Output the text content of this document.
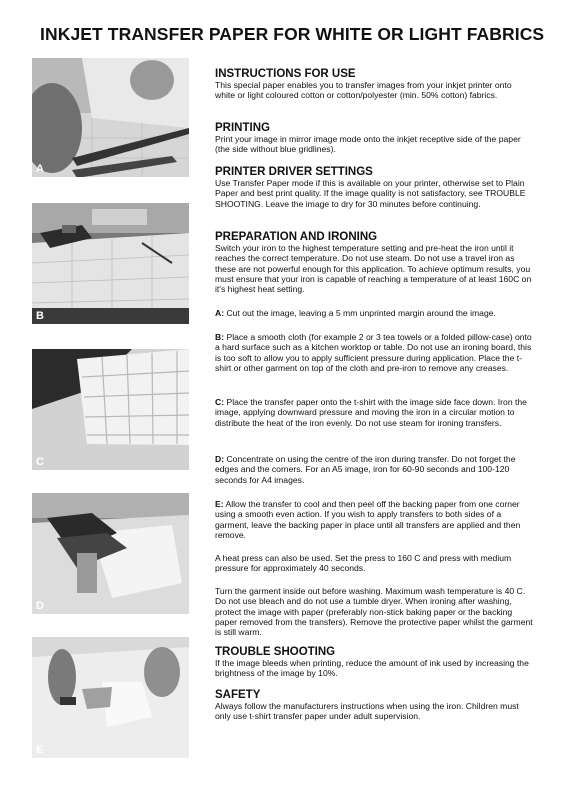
INKJET TRANSFER PAPER FOR WHITE OR LIGHT FABRICS
A
B
C
D
E

INSTRUCTIONS FOR USE

This special paper enables you to transfer images from your inkjet printer onto white or light coloured cotton or cotton/polyester (min. 50% cotton) fabrics.

PRINTING

Print your image in mirror image mode onto the inkjet receptive side of the paper (the side without blue gridlines).

PRINTER DRIVER SETTINGS

Use Transfer Paper mode if this is available on your printer, otherwise set to Plain Paper and best print quality. If the image quality is not satisfactory, see TROUBLE SHOOTING. Leave the image to dry for 30 minutes before continuing.

PREPARATION AND IRONING

Switch your iron to the highest temperature setting and pre-heat the iron until it reaches the correct temperature. Do not use steam. Do not use a travel iron as these are not powerful enough for this application. To achieve optimum results, you must ensure that your iron is capable of reaching a temperature of at least 160C on it's highest heat setting.

A: Cut out the image, leaving a 5 mm unprinted margin around the image.

B: Place a smooth cloth (for example 2 or 3 tea towels or a folded pillow-case) onto a hard surface such as a kitchen worktop or table. Do not use an ironing board, this is too soft to allow you to apply sufficient pressure during application. Place the t-shirt or other garment on top of the cloth and pre-iron to remove any creases.

C: Place the transfer paper onto the t-shirt with the image side face down. Iron the image, applying downward pressure and moving the iron in a circular motion to distribute the heat of the iron evenly. Do not use steam for ironing transfers.

D: Concentrate on using the centre of the iron during transfer. Do not forget the edges and the corners. For an A5 image, iron for 60-90 seconds and 100-120 seconds for A4 images.

E: Allow the transfer to cool and then peel off the backing paper from one corner using a smooth even action. If you wish to apply transfers to both sides of a garment, leave the backing paper in place until all transfers are applied and then remove.

A heat press can also be used. Set the press to 160 C and press with medium pressure for approximately 40 seconds.

Turn the garment inside out before washing. Maximum wash temperature is 40 C. Do not use bleach and do not use a tumble dryer. When ironing after washing, protect the image with paper (preferably non-stick baking paper or the backing paper removed from the transfers). Remove the protective paper whilst the garment is still warm.

TROUBLE SHOOTING

If the image bleeds when printing, reduce the amount of ink used by increasing the brightness of the image by 10%.

SAFETY

Always follow the manufacturers instructions when using the iron. Children must only use t-shirt transfer paper under adult supervision.
